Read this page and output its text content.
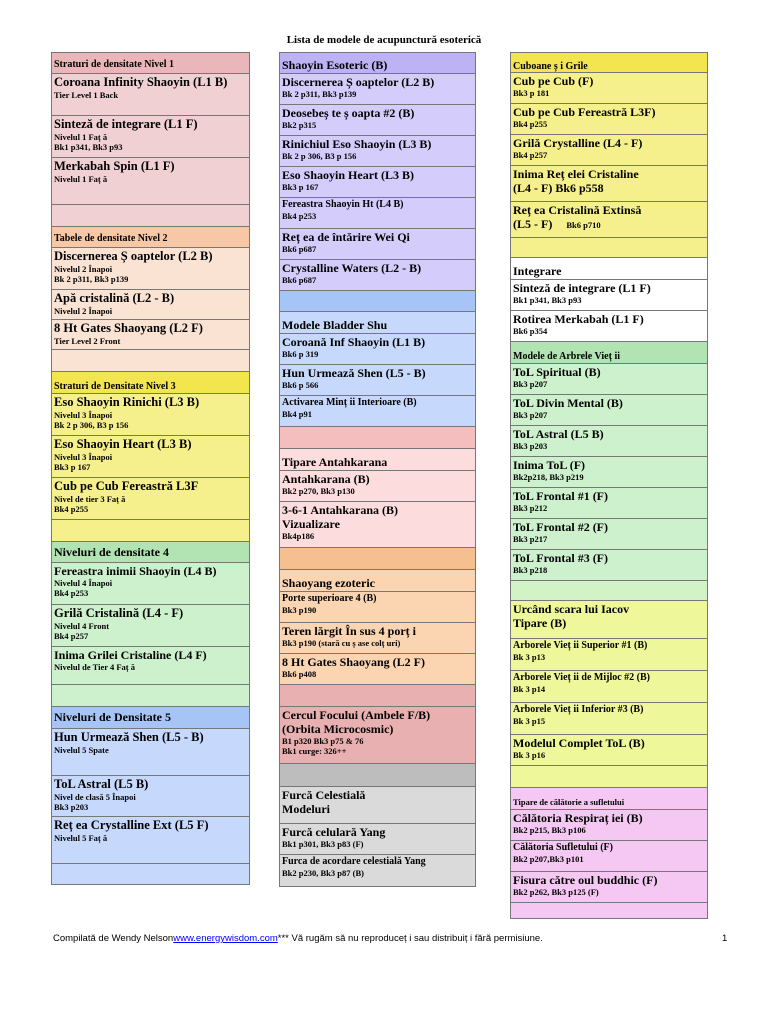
Lista de modele de acupunctură esoterică
Straturi de densitate Nivel 1
Coroana Infinity Shaoyin (L1 B)
Tier Level 1 Back
Sinteză de integrare (L1 F)
Nivelul 1 Faț ă
Bk1 p341, Bk3 p93
Merkabah Spin (L1 F)
Nivelul 1 Faț ă
Tabele de densitate Nivel 2
Discernerea Ș oaptelor (L2 B)
Nivelul 2 Înapoi
Bk 2 p311, Bk3 p139
Apă cristalină (L2 - B)
Nivelul 2 Înapoi
8 Ht Gates Shaoyang (L2 F)
Tier Level 2 Front
Straturi de Densitate Nivel 3
Eso Shaoyin Rinichi (L3 B)
Nivelul 3 Înapoi
Bk 2 p 306, B3 p 156
Eso Shaoyin Heart (L3 B)
Nivelul 3 Înapoi
Bk3 p 167
Cub pe Cub Fereastră L3F
Nivel de tier 3 Faț ă
Bk4 p255
Niveluri de densitate 4
Fereastra inimii Shaoyin (L4 B)
Nivelul 4 Înapoi
Bk4 p253
Grilă Cristalină (L4 - F)
Nivelul 4 Front
Bk4 p257
Inima Grilei Cristaline (L4 F)
Nivelul de Tier 4 Faț ă
Niveluri de Densitate 5
Hun Urmează Shen (L5 - B)
Nivelul 5 Spate
ToL Astral (L5 B)
Nivel de clasă 5 Înapoi
Bk3 p203
Reț ea Crystalline Ext (L5 F)
Nivelul 5 Faț ă
Shaoyin Esoteric (B)
Discernerea Ș oaptelor (L2 B)
Bk 2 p311, Bk3 p139
Deosebeș te ș oapta #2 (B)
Bk2 p315
Rinichiul Eso Shaoyin (L3 B)
Bk 2 p 306, B3 p 156
Eso Shaoyin Heart (L3 B)
Bk3 p 167
Fereastra Shaoyin Ht (L4 B)
Bk4 p253
Reț ea de întărire Wei Qi
Bk6 p687
Crystalline Waters (L2 - B)
Bk6 p687
Modele Bladder Shu
Coroană Inf Shaoyin (L1 B)
Bk6 p 319
Hun Urmează Shen (L5 - B)
Bk6 p 566
Activarea Minț ii Interioare (B)
Bk4 p91
Tipare Antahkarana
Antahkarana (B)
Bk2 p270, Bk3 p130
3-6-1 Antahkarana (B)
Vizualizare
Bk4p186
Shaoyang ezoteric
Porte superioare 4 (B)
Bk3 p190
Teren lărgit În sus 4 porț i
Bk3 p190 (stară cu ș ase colț uri)
8 Ht Gates Shaoyang (L2 F)
Bk6 p408
Cercul Focului (Ambele F/B)
(Orbita Microcosmic)
B1 p320 Bk3 p75 & 76
Bk1 curge: 326++
Furcă Celestială
Modeluri
Furcă celulară Yang
Bk1 p301, Bk3 p83 (F)
Furca de acordare celestială Yang
Bk2 p230, Bk3 p87 (B)
Cuboane ș i Grile
Cub pe Cub (F)
Bk3 p 181
Cub pe Cub Fereastră L3F)
Bk4 p255
Grilă Crystalline (L4 - F)
Bk4 p257
Inima Reț elei Cristaline
(L4 - F) Bk6 p558
Reț ea Cristalină Extinsă
(L5 - F) Bk6 p710
Integrare
Sinteză de integrare (L1 F)
Bk1 p341, Bk3 p93
Rotirea Merkabah (L1 F)
Bk6 p354
Modele de Arbrele Vieț ii
ToL Spiritual (B)
Bk3 p207
ToL Divin Mental (B)
Bk3 p207
ToL Astral (L5 B)
Bk3 p203
Inima ToL (F)
Bk2p218, Bk3 p219
ToL Frontal #1 (F)
Bk3 p212
ToL Frontal #2 (F)
Bk3 p217
ToL Frontal #3 (F)
Bk3 p218
Urcând scara lui Iacov
Tipare (B)
Arborele Vieț ii Superior #1 (B)
Bk 3 p13
Arborele Vieț ii de Mijloc #2 (B)
Bk 3 p14
Arborele Vieț ii Inferior #3 (B)
Bk 3 p15
Modelul Complet ToL (B)
Bk 3 p16
Tipare de călătorie a sufletului
Călătoria Respiraț iei (B)
Bk2 p215, Bk3 p106
Călătoria Sufletului (F)
Bk2 p207,Bk3 p101
Fisura către oul buddhic (F)
Bk2 p262, Bk3 p125 (F)
Compilată de Wendy Nelsonwww.energywisdom.com*** Vă rugăm să nu reproduceț i sau distribuiț i fără permisiune.	1
